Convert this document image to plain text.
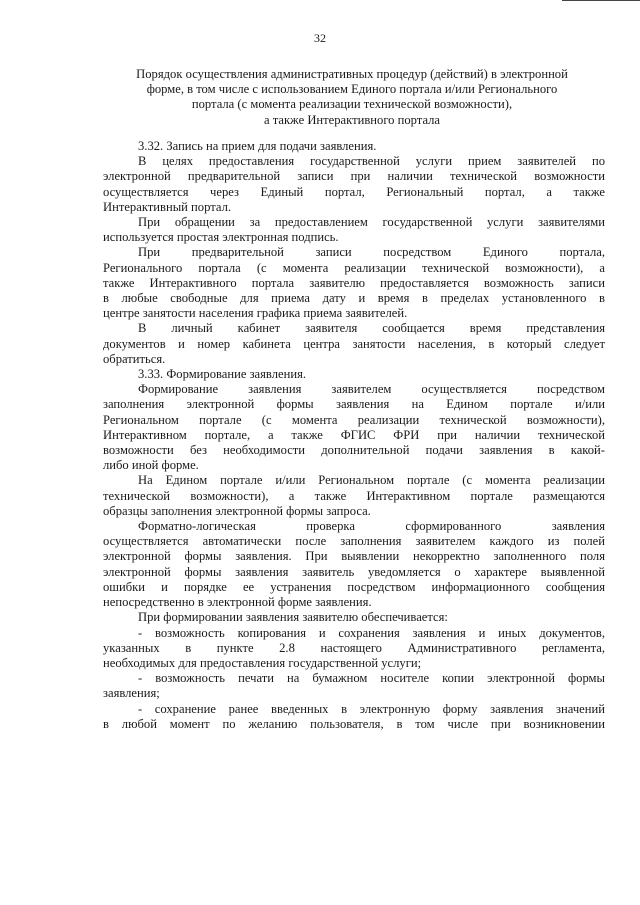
32
Порядок осуществления административных процедур (действий) в электронной
форме, в том числе с использованием Единого портала и/или Регионального
портала (с момента реализации технической возможности),
а также Интерактивного портала
3.32. Запись на прием для подачи заявления.
В целях предоставления государственной услуги прием заявителей по
электронной предварительной записи при наличии технической возможности
осуществляется через Единый портал, Региональный портал, а также
Интерактивный портал.
При обращении за предоставлением государственной услуги заявителями
используется простая электронная подпись.
При предварительной записи посредством Единого портала,
Регионального портала (с момента реализации технической возможности), а
также Интерактивного портала заявителю предоставляется возможность записи
в любые свободные для приема дату и время в пределах установленного в
центре занятости населения графика приема заявителей.
В личный кабинет заявителя сообщается время представления
документов и номер кабинета центра занятости населения, в который следует
обратиться.
3.33. Формирование заявления.
Формирование заявления заявителем осуществляется посредством
заполнения электронной формы заявления на Едином портале и/или
Региональном портале (с момента реализации технической возможности),
Интерактивном портале, а также ФГИС ФРИ при наличии технической
возможности без необходимости дополнительной подачи заявления в какой-
либо иной форме.
На Едином портале и/или Региональном портале (с момента реализации
технической возможности), а также Интерактивном портале размещаются
образцы заполнения электронной формы запроса.
Форматно-логическая проверка сформированного заявления
осуществляется автоматически после заполнения заявителем каждого из полей
электронной формы заявления. При выявлении некорректно заполненного поля
электронной формы заявления заявитель уведомляется о характере выявленной
ошибки и порядке ее устранения посредством информационного сообщения
непосредственно в электронной форме заявления.
При формировании заявления заявителю обеспечивается:
- возможность копирования и сохранения заявления и иных документов,
указанных в пункте 2.8 настоящего Административного регламента,
необходимых для предоставления государственной услуги;
- возможность печати на бумажном носителе копии электронной формы
заявления;
- сохранение ранее введенных в электронную форму заявления значений
в любой момент по желанию пользователя, в том числе при возникновении
